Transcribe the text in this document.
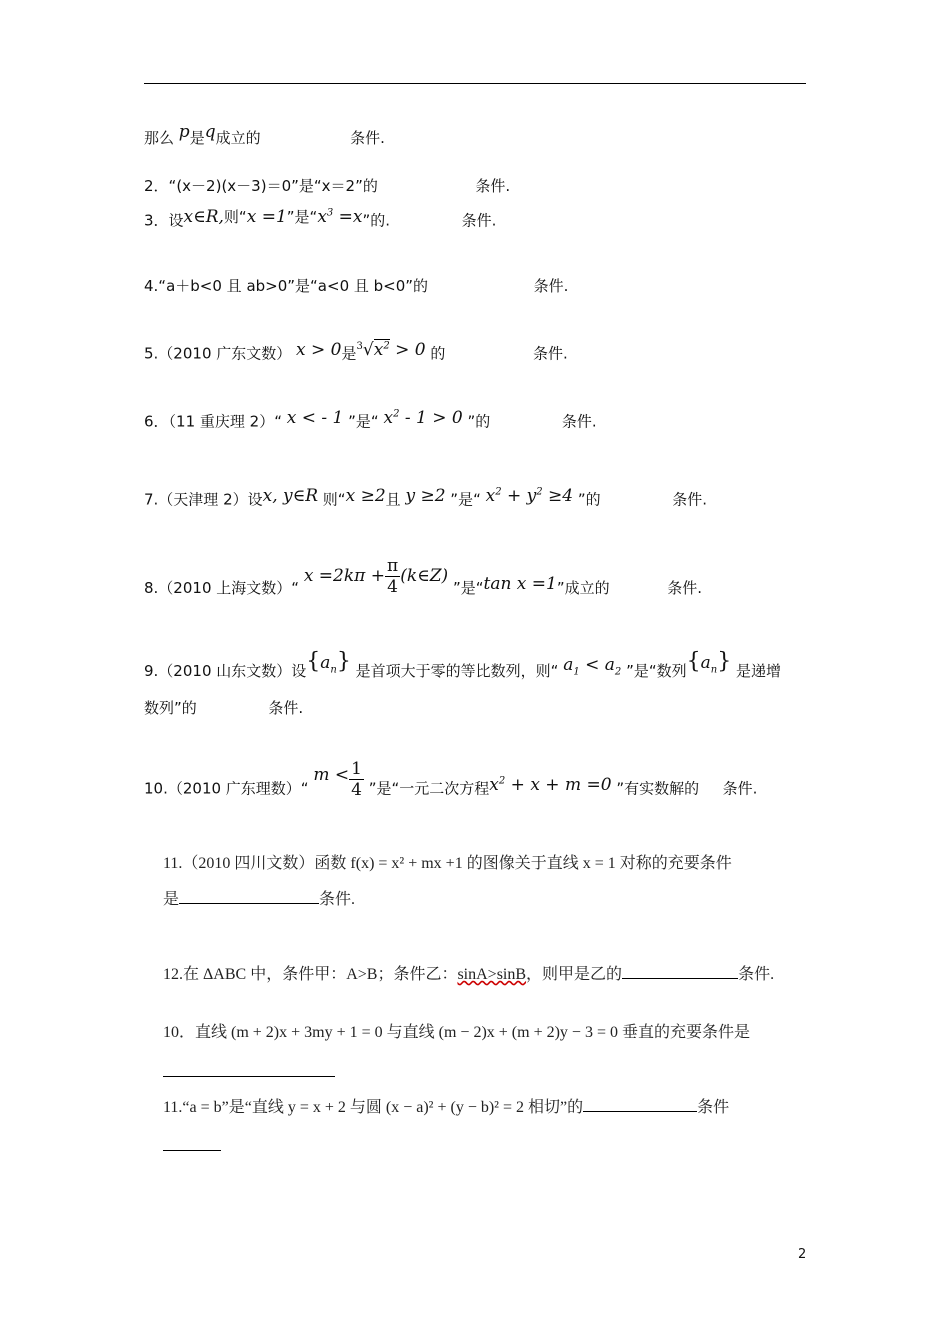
那么 p是q成立的	条件.
2．“(x－2)(x－3)＝0”是“x＝2”的	条件.
3．设x∈R,则“x =1”是“$x^3 =x$”的.	条件.
4.“a＋b<0 且 ab>0”是“a<0 且 b<0”的	条件.
5.（2010 广东文数） x > 0是$^3√x^2 > 0$ 的	条件.
6．（11 重庆理 2）“ x < - 1 ”是“ $x^2 - 1 > 0$ ”的	条件.
7.（天津理 2）设x, y∈R 则“x ≥2且 y ≥2 ”是“ $x^2 + y^2 \ge 4$ ”的	条件.
8.（2010 上海文数）“ $x =2k\pi + \frac{\pi}{4}$ (k∈Z) ”是“tan x =1”成立的	条件.
9.（2010 山东文数）设$\{a_n\}$ 是首项大于零的等比数列，则“ $a_1 < a_2$ ”是“数列$\{a_n\}$ 是递增
数列”的	条件.
10.（2010 广东理数）“ $m < \frac{1}{4}$ ”是“一元二次方程$x^2 + x + m =0$ ”有实数解的 条件.
11.（2010 四川文数）函数 f(x) = x² + mx +1 的图像关于直线 x = 1 对称的充要条件
是	条件.
12.在 ΔABC 中，条件甲：A>B；条件乙：sinA>sinB，则甲是乙的	条件.
10．直线 (m + 2)x + 3my + 1 = 0 与直线 (m − 2)x + (m + 2)y − 3 = 0 垂直的充要条件是
11.“a = b”是“直线 y = x + 2 与圆 (x − a)² + (y − b)² = 2 相切”的	条件
2
